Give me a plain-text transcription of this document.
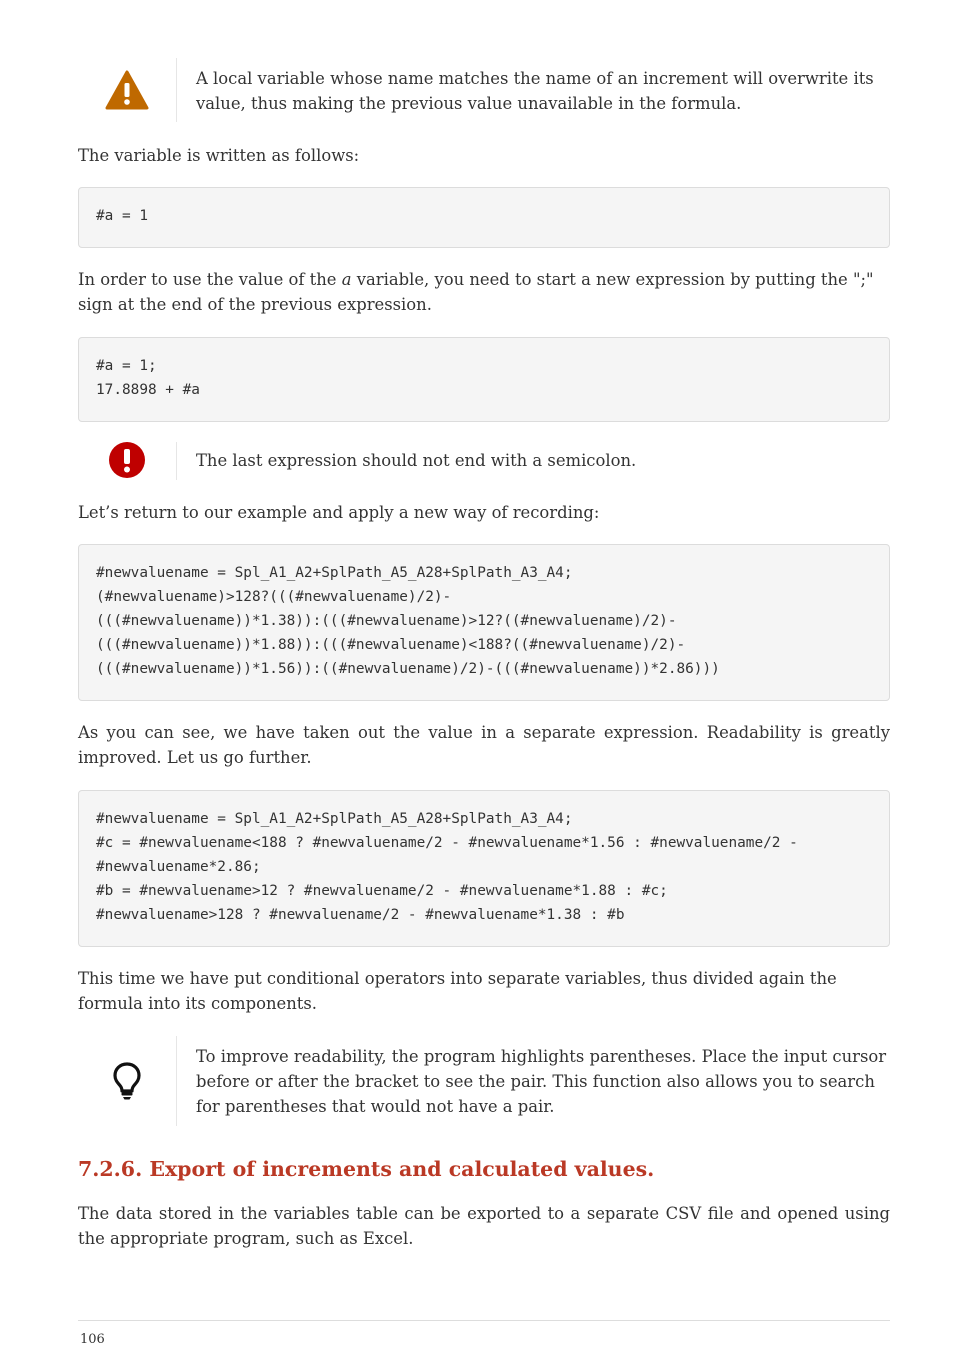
A local variable whose name matches the name of an increment will overwrite its value, thus making the previous value unavailable in the formula.

The variable is written as follows:

#a = 1

In order to use the value of the a variable, you need to start a new expression by putting the ";" sign at the end of the previous expression.

#a = 1;
17.8898 + #a
The last expression should not end with a semicolon.

Let’s return to our example and apply a new way of recording:

#newvaluename = Spl_A1_A2+SplPath_A5_A28+SplPath_A3_A4;
(#newvaluename)>128?(((#newvaluename)/2)-
(((#newvaluename))*1.38)):(((#newvaluename)>12?((#newvaluename)/2)-
(((#newvaluename))*1.88)):(((#newvaluename)<188?((#newvaluename)/2)-
(((#newvaluename))*1.56)):((#newvaluename)/2)-(((#newvaluename))*2.86)))

As you can see, we have taken out the value in a separate expression. Readability is greatly improved. Let us go further.

#newvaluename = Spl_A1_A2+SplPath_A5_A28+SplPath_A3_A4;
#c = #newvaluename<188 ? #newvaluename/2 - #newvaluename*1.56 : #newvaluename/2 -
#newvaluename*2.86;
#b = #newvaluename>12 ? #newvaluename/2 - #newvaluename*1.88 : #c;
#newvaluename>128 ? #newvaluename/2 - #newvaluename*1.38 : #b

This time we have put conditional operators into separate variables, thus divided again the formula into its components.

To improve readability, the program highlights parentheses. Place the input cursor before or after the bracket to see the pair. This function also allows you to search for parentheses that would not have a pair.
7.2.6. Export of increments and calculated values.

The data stored in the variables table can be exported to a separate CSV file and opened using the appropriate program, such as Excel.

106
